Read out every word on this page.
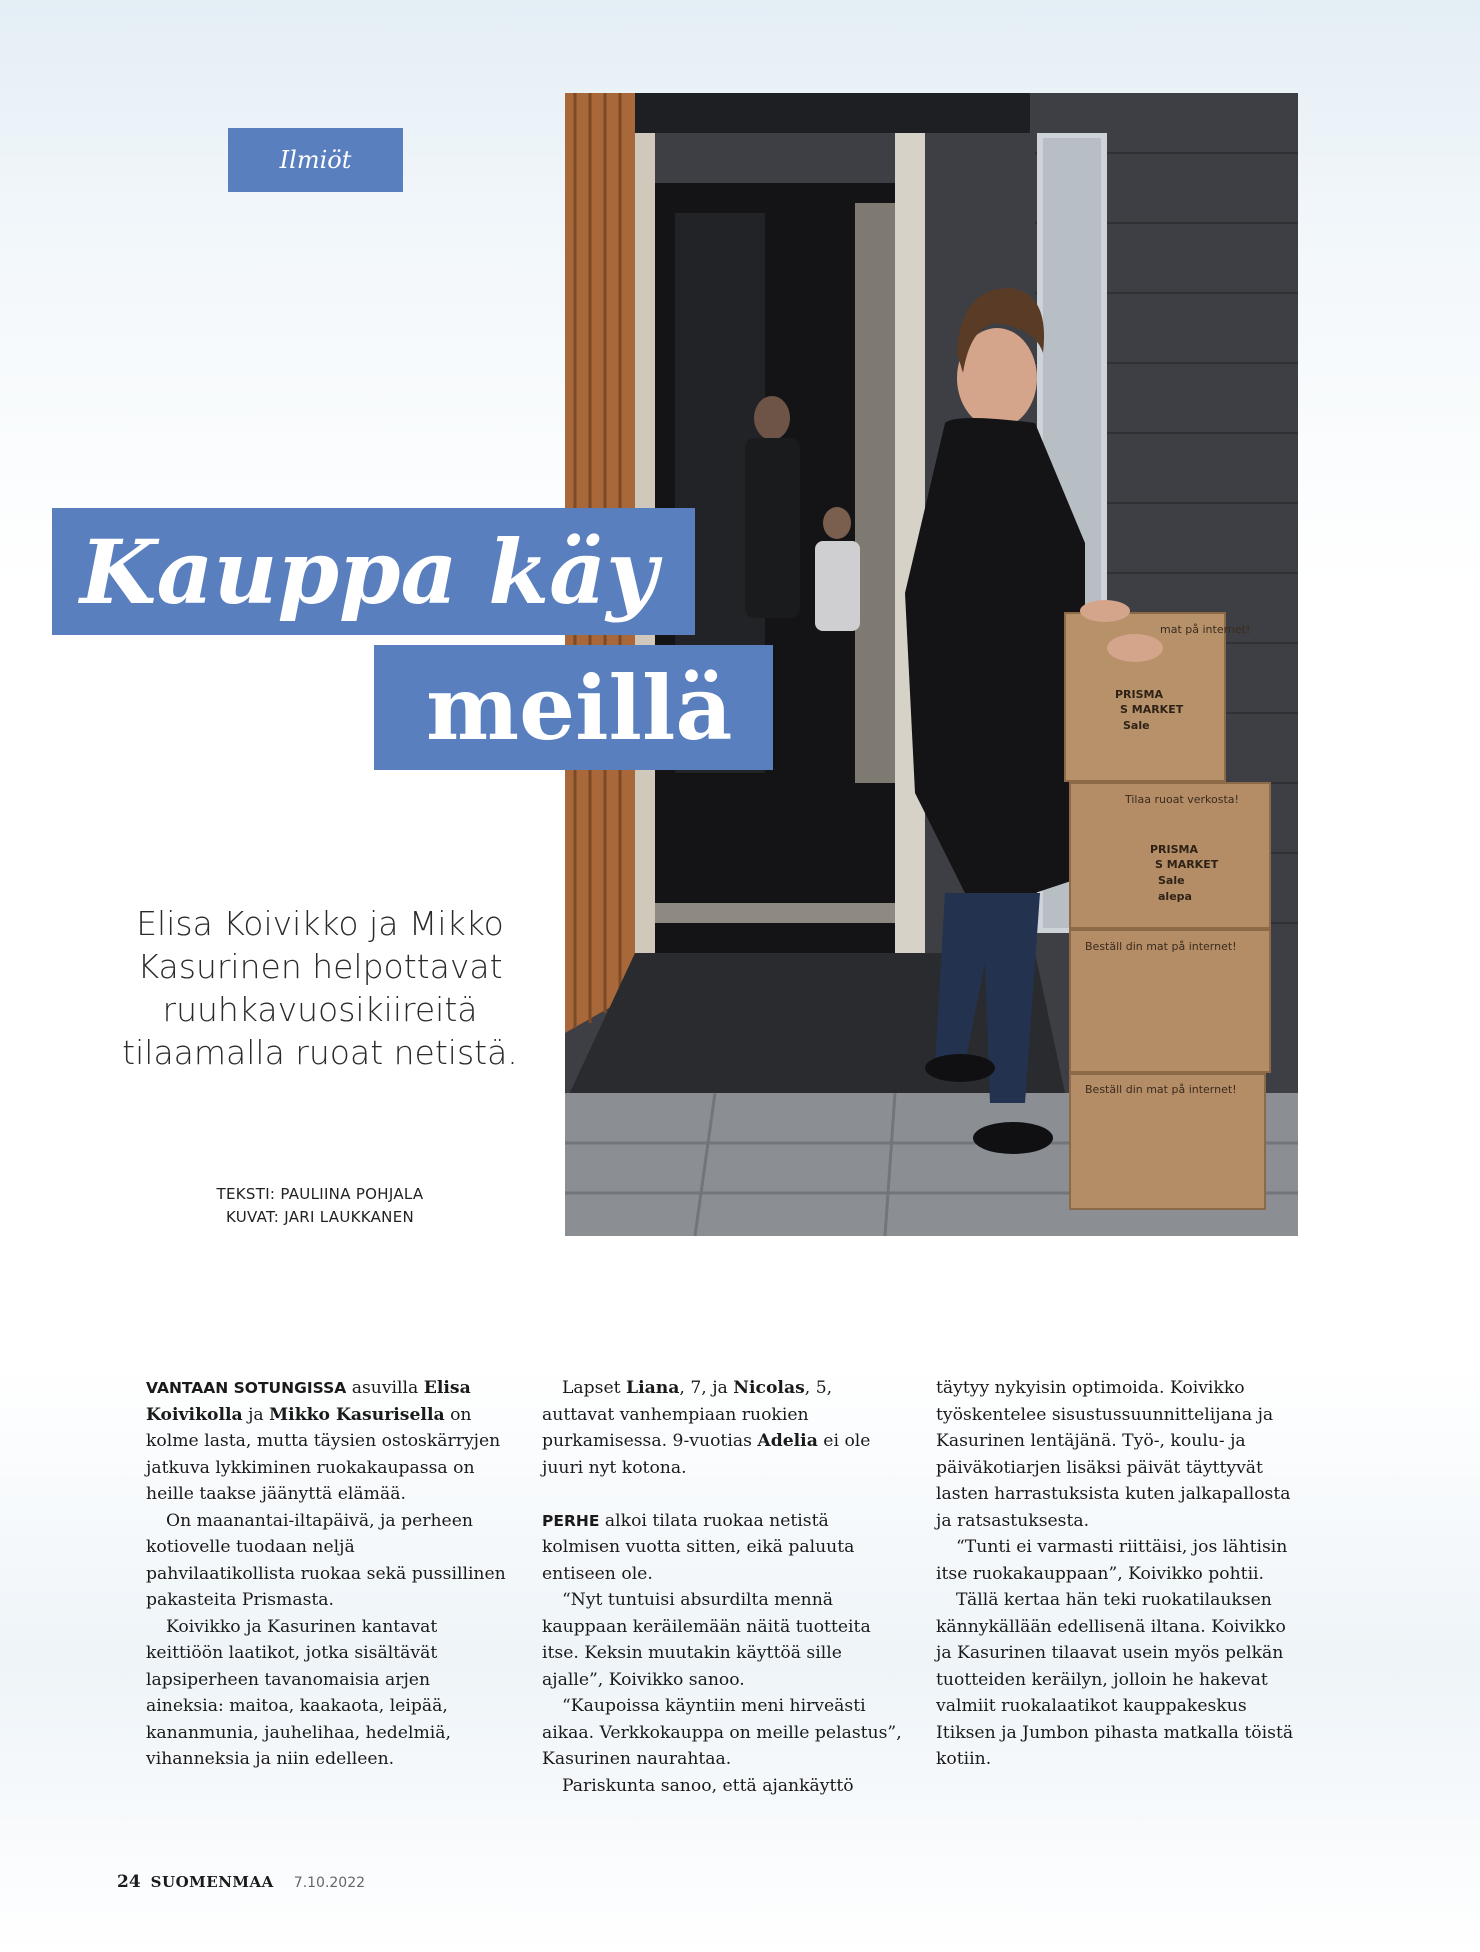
Ilmiöt
Tilaa ruoat verkosta!
Beställ din mat på internet!
Beställ din mat på internet!
mat på internet!
PRISMA
S MARKET
Sale
PRISMA
S MARKET
Sale
alepa
Kauppa käy
meillä
Elisa Koivikko ja Mikko Kasurinen helpottavat ruuhkavuosikiireitä tilaamalla ruoat netistä.
TEKSTI: PAULIINA POHJALA
KUVAT: JARI LAUKKANEN

VANTAAN SOTUNGISSA asuvilla Elisa Koivikolla ja Mikko Kasurisella on kolme lasta, mutta täysien ostoskärryjen jatkuva lykkiminen ruokakaupassa on heille taakse jäänyttä elämää.

On maanantai-iltapäivä, ja perheen kotiovelle tuodaan neljä pahvilaatikollista ruokaa sekä pussillinen pakasteita Prismasta.

Koivikko ja Kasurinen kantavat keittiöön laatikot, jotka sisältävät lapsiperheen tavanomaisia arjen aineksia: maitoa, kaakaota, leipää, kananmunia, jauhelihaa, hedelmiä, vihanneksia ja niin edelleen.

Lapset Liana, 7, ja Nicolas, 5, auttavat vanhempiaan ruokien purkamisessa. 9-vuotias Adelia ei ole juuri nyt kotona.

PERHE alkoi tilata ruokaa netistä kolmisen vuotta sitten, eikä paluuta entiseen ole.

“Nyt tuntuisi absurdilta mennä kauppaan keräilemään näitä tuotteita itse. Keksin muutakin käyttöä sille ajalle”, Koivikko sanoo.

“Kaupoissa käyntiin meni hirveästi aikaa. Verkkokauppa on meille pelastus”, Kasurinen naurahtaa.

Pariskunta sanoo, että ajankäyttö

täytyy nykyisin optimoida. Koivikko työskentelee sisustussuunnittelijana ja Kasurinen lentäjänä. Työ-, koulu- ja päiväkotiarjen lisäksi päivät täyttyvät lasten harrastuksista kuten jalkapallosta ja ratsastuksesta.

“Tunti ei varmasti riittäisi, jos lähtisin itse ruokakauppaan”, Koivikko pohtii.

Tällä kertaa hän teki ruokatilauksen kännykällään edellisenä iltana. Koivikko ja Kasurinen tilaavat usein myös pelkän tuotteiden keräilyn, jolloin he hakevat valmiit ruokalaatikot kauppakeskus Itiksen ja Jumbon pihasta matkalla töistä kotiin.

24 SUOMENMAA 7.10.2022
